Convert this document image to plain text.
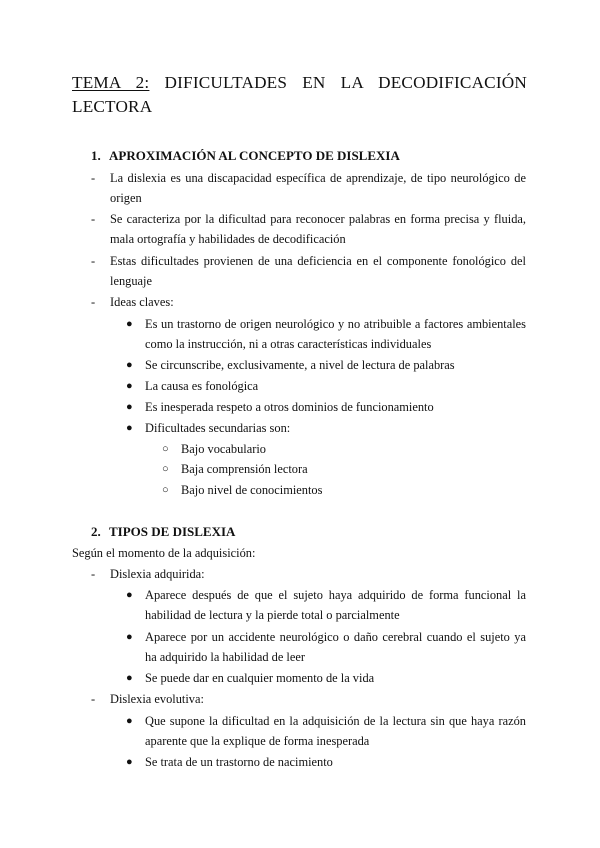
TEMA 2: DIFICULTADES EN LA DECODIFICACIÓN LECTORA
1. APROXIMACIÓN AL CONCEPTO DE DISLEXIA
- La dislexia es una discapacidad específica de aprendizaje, de tipo neurológico de origen
- Se caracteriza por la dificultad para reconocer palabras en forma precisa y fluida, mala ortografía y habilidades de decodificación
- Estas dificultades provienen de una deficiencia en el componente fonológico del lenguaje
- Ideas claves:
● Es un trastorno de origen neurológico y no atribuible a factores ambientales como la instrucción, ni a otras características individuales
● Se circunscribe, exclusivamente, a nivel de lectura de palabras
● La causa es fonológica
● Es inesperada respeto a otros dominios de funcionamiento
● Dificultades secundarias son:
○ Bajo vocabulario
○ Baja comprensión lectora
○ Bajo nivel de conocimientos
2. TIPOS DE DISLEXIA

Según el momento de la adquisición:

- Dislexia adquirida:
● Aparece después de que el sujeto haya adquirido de forma funcional la habilidad de lectura y la pierde total o parcialmente
● Aparece por un accidente neurológico o daño cerebral cuando el sujeto ya ha adquirido la habilidad de leer
● Se puede dar en cualquier momento de la vida
- Dislexia evolutiva:
● Que supone la dificultad en la adquisición de la lectura sin que haya razón aparente que la explique de forma inesperada
● Se trata de un trastorno de nacimiento
